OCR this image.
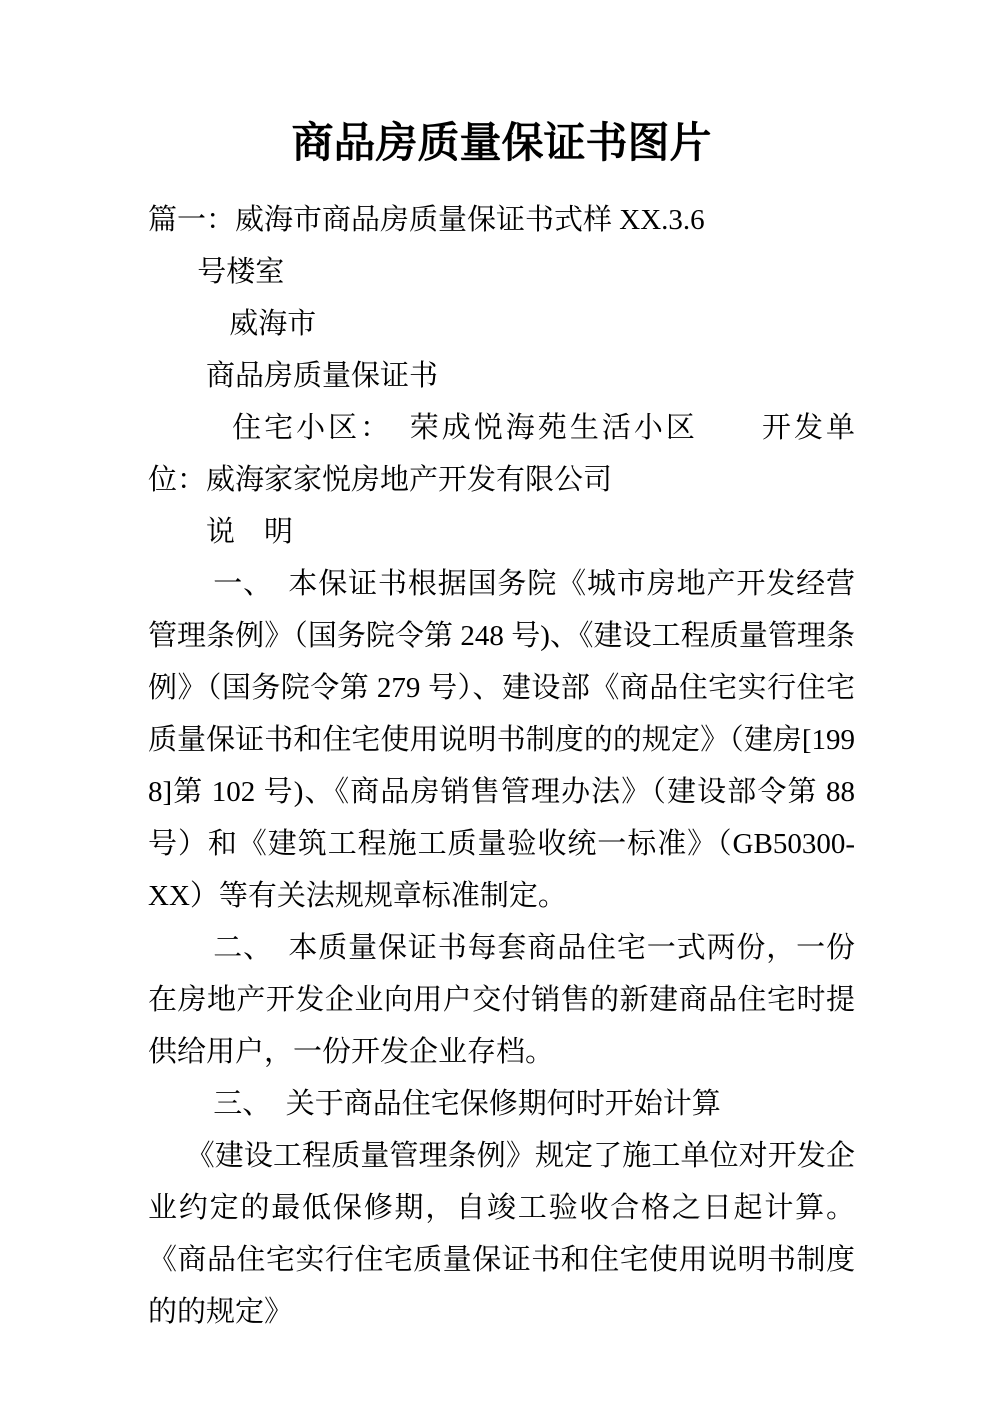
商品房质量保证书图片

篇一：威海市商品房质量保证书式样 XX.3.6

号楼室

威海市

商品房质量保证书

住宅小区：　荣成悦海苑生活小区　　开发单位：威海家家悦房地产开发有限公司

说　明

一、　本保证书根据国务院《城市房地产开发经营管理条例》（国务院令第 248 号)、《建设工程质量管理条例》（国务院令第 279 号）、建设部《商品住宅实行住宅质量保证书和住宅使用说明书制度的的规定》（建房[1998]第 102 号)、《商品房销售管理办法》（建设部令第 88 号）和《建筑工程施工质量验收统一标准》（GB50300-XX）等有关法规规章标准制定。

二、　本质量保证书每套商品住宅一式两份，一份在房地产开发企业向用户交付销售的新建商品住宅时提供给用户，一份开发企业存档。

三、　关于商品住宅保修期何时开始计算

《建设工程质量管理条例》规定了施工单位对开发企业约定的最低保修期，自竣工验收合格之日起计算。《商品住宅实行住宅质量保证书和住宅使用说明书制度的的规定》
